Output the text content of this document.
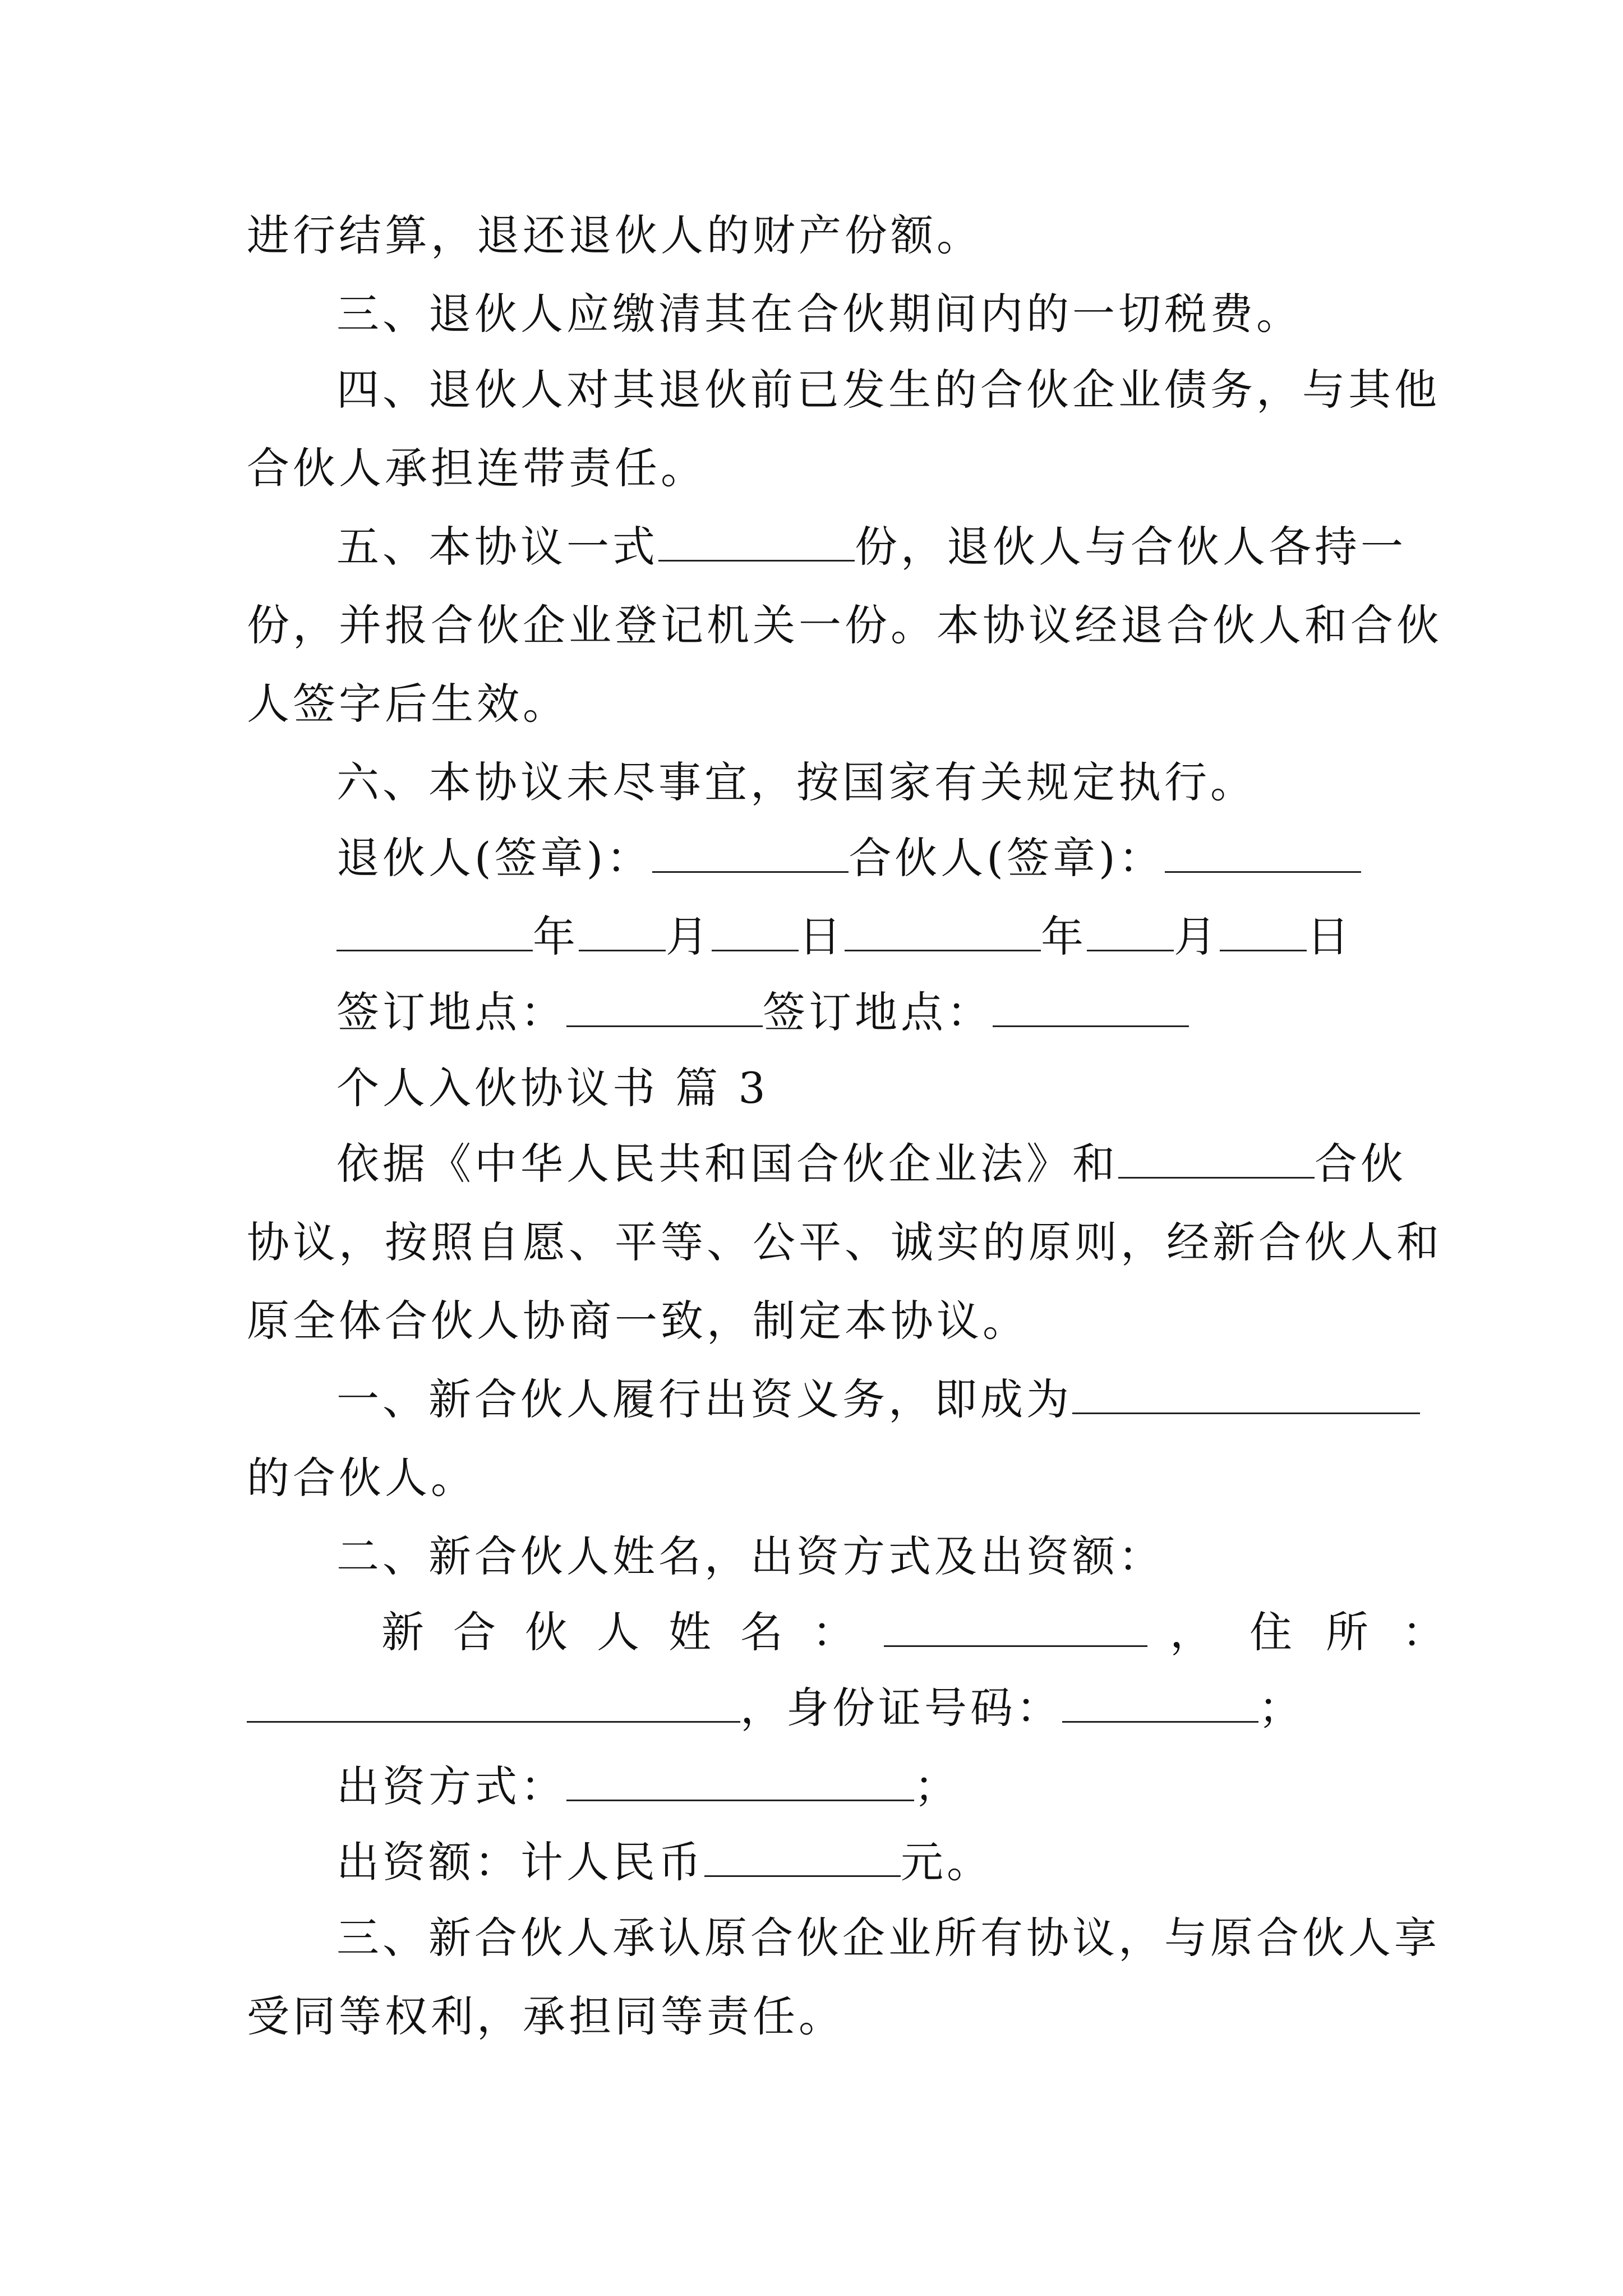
进行结算，退还退伙人的财产份额。
三、退伙人应缴清其在合伙期间内的一切税费。
四、退伙人对其退伙前已发生的合伙企业债务，与其他
合伙人承担连带责任。
五、本协议一式	份，退伙人与合伙人各持一
份，并报合伙企业登记机关一份。本协议经退合伙人和合伙
人签字后生效。
六、本协议未尽事宜，按国家有关规定执行。
退伙人(签章)：	合伙人(签章)：
年 月 日	年 月 日
签订地点：	签订地点：
个人入伙协议书 篇 3
依据《中华人民共和国合伙企业法》和	合伙
协议，按照自愿、平等、公平、诚实的原则，经新合伙人和
原全体合伙人协商一致，制定本协议。
一、新合伙人履行出资义务，即成为
的合伙人。
二、新合伙人姓名，出资方式及出资额：
新合伙人姓名：	， 住所：
，身份证号码：	；
出资方式：	；
出资额：计人民币	元。
三、新合伙人承认原合伙企业所有协议，与原合伙人享
受同等权利，承担同等责任。
